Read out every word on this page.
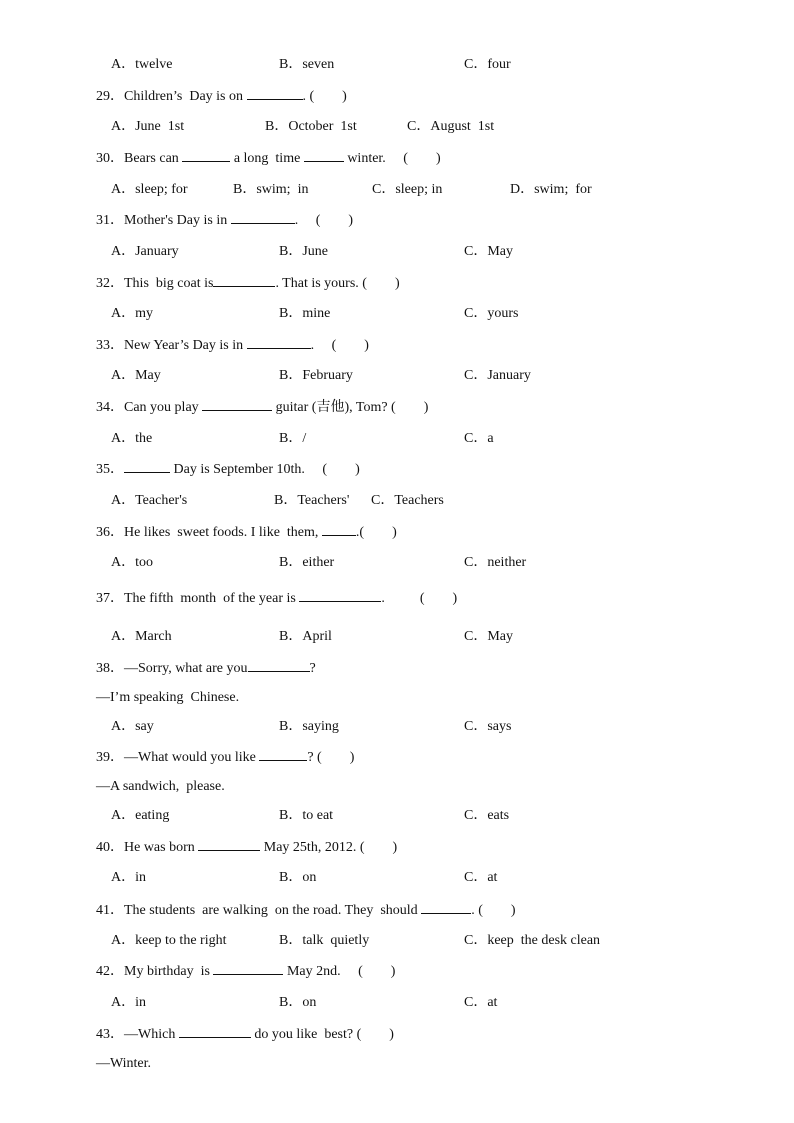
A．twelve	B．seven	C．four
29．Children’s  Day is on	. (        )
A．June  1st	B．October  1st	C．August  1st
30．Bears can	a long  time	winter.     (        )
A．sleep; for	B．swim;  in	C．sleep; in	D．swim;  for
31．Mother's Day is in	.     (        )
A．January	B．June	C．May
32．This  big coat is	. That is yours. (        )
A．my	B．mine	C．yours
33．New Year’s Day is in	.     (        )
A．May	B．February	C．January
34．Can you play	guitar (吉他), Tom? (        )
A．the	B．/	C．a
35．	Day is September 10th.     (        )
A．Teacher's	B．Teachers' C．Teachers
36．He likes  sweet foods. I like  them,	.(        )
A．too	B．either	C．neither
37．The fifth  month  of the year is	.          (        )
A．March	B．April	C．May
38．—Sorry, what are you	?
—I’m speaking  Chinese.
A．say	B．saying	C．says
39．—What would you like	? (        )
—A sandwich,  please.
A．eating	B．to eat	C．eats
40．He was born	May 25th, 2012. (        )
A．in	B．on	C．at
41．The students  are walking  on the road. They  should	. (        )
A．keep to the right	B．talk  quietly	C．keep  the desk clean
42．My birthday  is	May 2nd.     (        )
A．in	B．on	C．at
43．—Which	do you like  best? (        )
—Winter.
